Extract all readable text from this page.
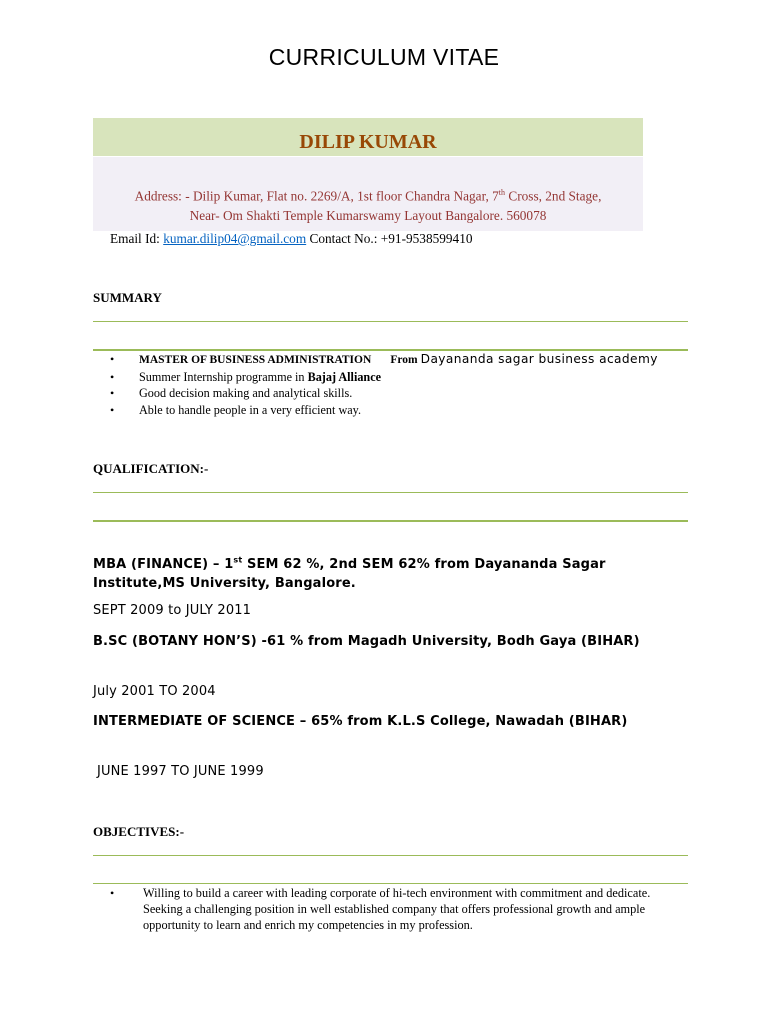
CURRICULUM VITAE
DILIP KUMAR
Address: - Dilip Kumar, Flat no. 2269/A, 1st floor Chandra Nagar, 7th Cross, 2nd Stage,
Near- Om Shakti Temple Kumarswamy Layout Bangalore. 560078
Email Id: kumar.dilip04@gmail.com Contact No.: +91-9538599410
SUMMARY
• MASTER OF BUSINESS ADMINISTRATION From Dayananda sagar business academy
• Summer Internship programme in Bajaj Alliance
• Good decision making and analytical skills.
• Able to handle people in a very efficient way.
QUALIFICATION:-
MBA (FINANCE) – 1st SEM 62 %, 2nd SEM 62% from Dayananda Sagar Institute,MS University, Bangalore.
SEPT 2009 to JULY 2011
B.SC (BOTANY HON’S) -61 % from Magadh University, Bodh Gaya (BIHAR)
July 2001 TO 2004
INTERMEDIATE OF SCIENCE – 65% from K.L.S College, Nawadah (BIHAR)
JUNE 1997 TO JUNE 1999
OBJECTIVES:-
•	Willing to build a career with leading corporate of hi-tech environment with commitment and dedicate. Seeking a challenging position in well established company that offers professional growth and ample opportunity to learn and enrich my competencies in my profession.
